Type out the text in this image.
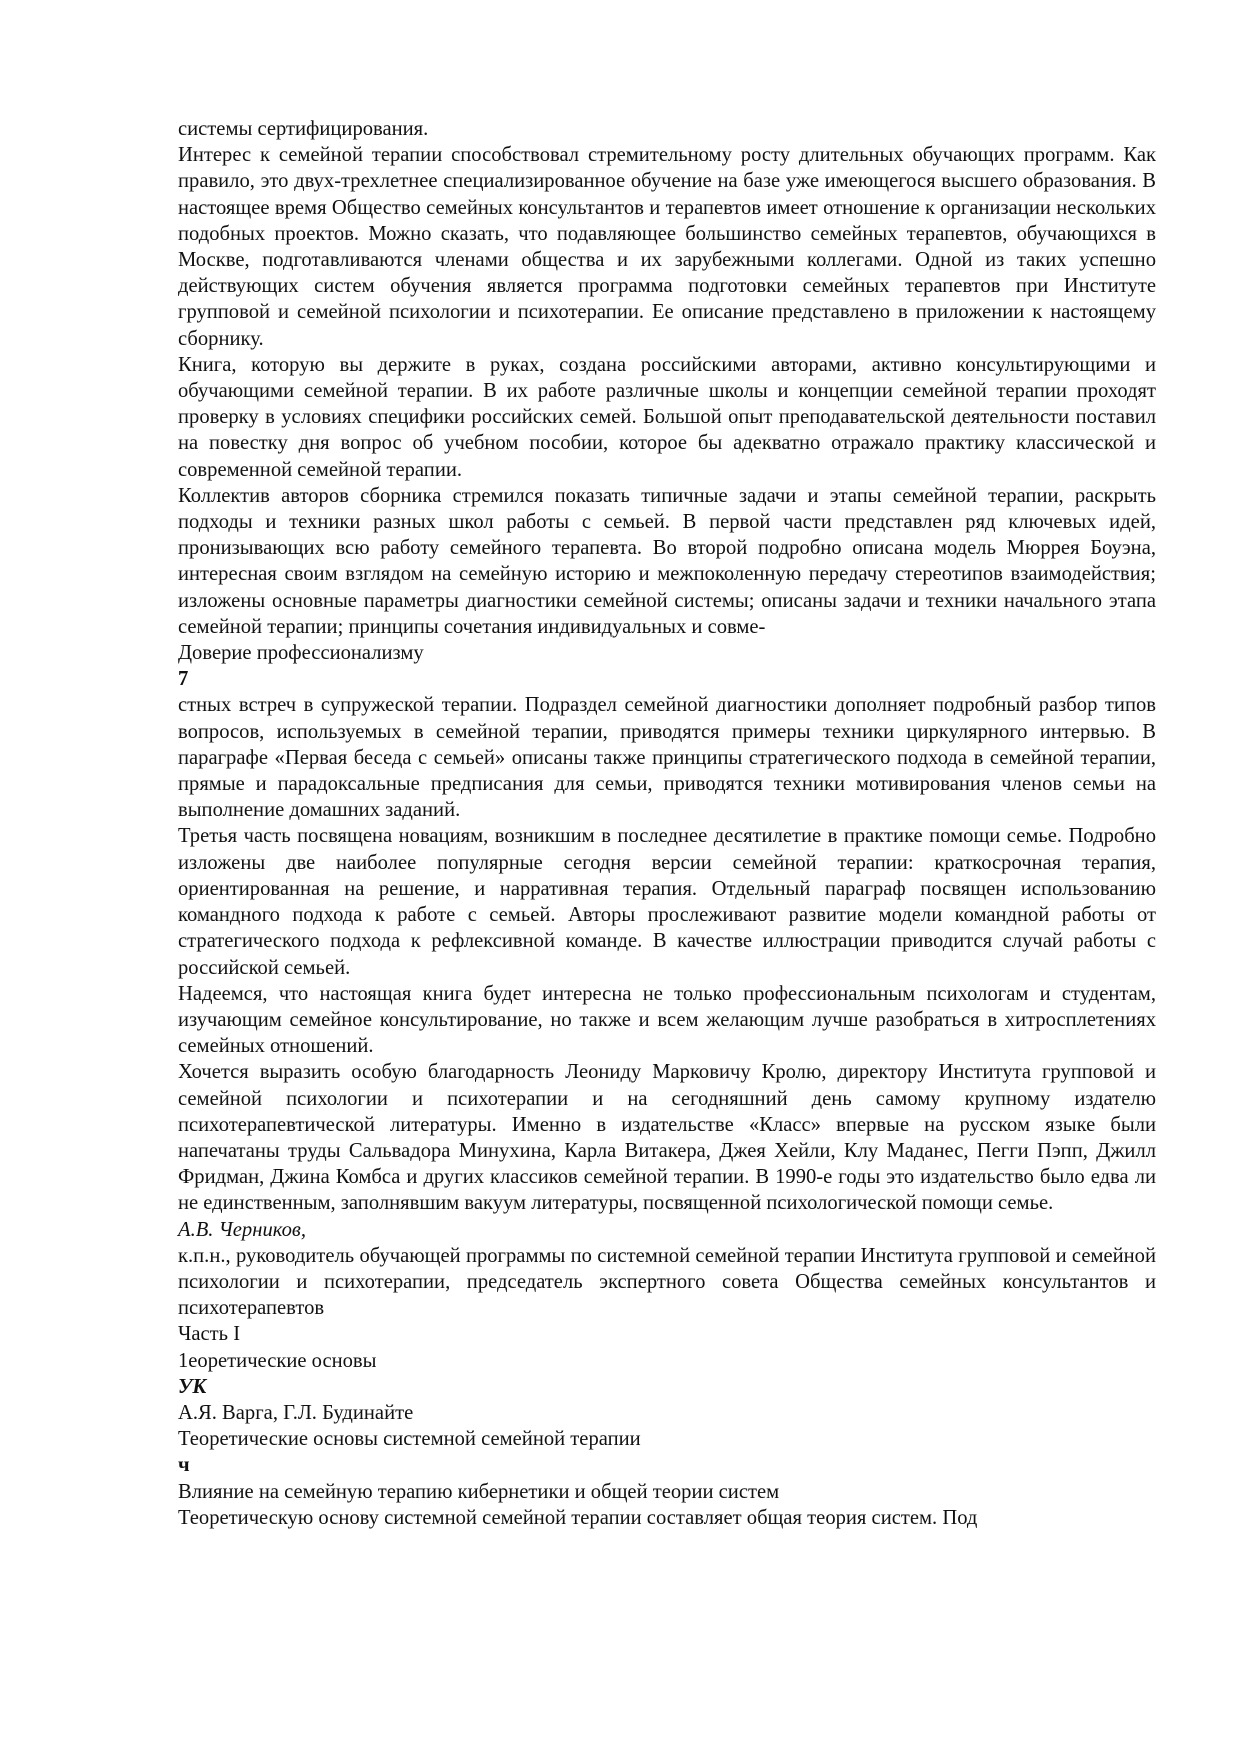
системы сертифицирования.

Интерес к семейной терапии способствовал стремительному росту длительных обучающих программ. Как правило, это двух-трехлетнее специализированное обучение на базе уже имеющегося высшего образования. В настоящее время Общество семейных консультантов и терапевтов имеет отношение к организации нескольких подобных проектов. Можно сказать, что подавляющее большинство семейных терапевтов, обучающихся в Москве, подготавливаются членами общества и их зарубежными коллегами. Одной из таких успешно действующих систем обучения является программа подготовки семейных терапевтов при Институте групповой и семейной психологии и психотерапии. Ее описание представлено в приложении к настоящему сборнику.

Книга, которую вы держите в руках, создана российскими авторами, активно консультирующими и обучающими семейной терапии. В их работе различные школы и концепции семейной терапии проходят проверку в условиях специфики российских семей. Большой опыт преподавательской деятельности поставил на повестку дня вопрос об учебном пособии, которое бы адекватно отражало практику классической и современной семейной терапии.

Коллектив авторов сборника стремился показать типичные задачи и этапы семейной терапии, раскрыть подходы и техники разных школ работы с семьей. В первой части представлен ряд ключевых идей, пронизывающих всю работу семейного терапевта. Во второй подробно описана модель Мюррея Боуэна, интересная своим взглядом на семейную историю и межпоколенную передачу стереотипов взаимодействия; изложены основные параметры диагностики семейной системы; описаны задачи и техники начального этапа семейной терапии; принципы сочетания индивидуальных и совме-

Доверие профессионализму

7

стных встреч в супружеской терапии. Подраздел семейной диагностики дополняет подробный разбор типов вопросов, используемых в семейной терапии, приводятся примеры техники циркулярного интервью. В параграфе «Первая беседа с семьей» описаны также принципы стратегического подхода в семейной терапии, прямые и парадоксальные предписания для семьи, приводятся техники мотивирования членов семьи на выполнение домашних заданий.

Третья часть посвящена новациям, возникшим в последнее десятилетие в практике помощи семье. Подробно изложены две наиболее популярные сегодня версии семейной терапии: краткосрочная терапия, ориентированная на решение, и нарративная терапия. Отдельный параграф посвящен использованию командного подхода к работе с семьей. Авторы прослеживают развитие модели командной работы от стратегического подхода к рефлексивной команде. В качестве иллюстрации приводится случай работы с российской семьей.

Надеемся, что настоящая книга будет интересна не только профессиональным психологам и студентам, изучающим семейное консультирование, но также и всем желающим лучше разобраться в хитросплетениях семейных отношений.

Хочется выразить особую благодарность Леониду Марковичу Кролю, директору Института групповой и семейной психологии и психотерапии и на сегодняшний день самому крупному издателю психотерапевтической литературы. Именно в издательстве «Класс» впервые на русском языке были напечатаны труды Сальвадора Минухина, Карла Витакера, Джея Хейли, Клу Маданес, Пегги Пэпп, Джилл Фридман, Джина Комбса и других классиков семейной терапии. В 1990-е годы это издательство было едва ли не единственным, заполнявшим вакуум литературы, посвященной психологической помощи семье.

А.В. Черников,

к.п.н., руководитель обучающей программы по системной семейной терапии Института групповой и семейной психологии и психотерапии, председатель экспертного совета Общества семейных консультантов и психотерапевтов

Часть I

1еоретические основы

УК

А.Я. Варга, Г.Л. Будинайте

Теоретические основы системной семейной терапии

ч

Влияние на семейную терапию кибернетики и общей теории систем

Теоретическую основу системной семейной терапии составляет общая теория систем. Под
